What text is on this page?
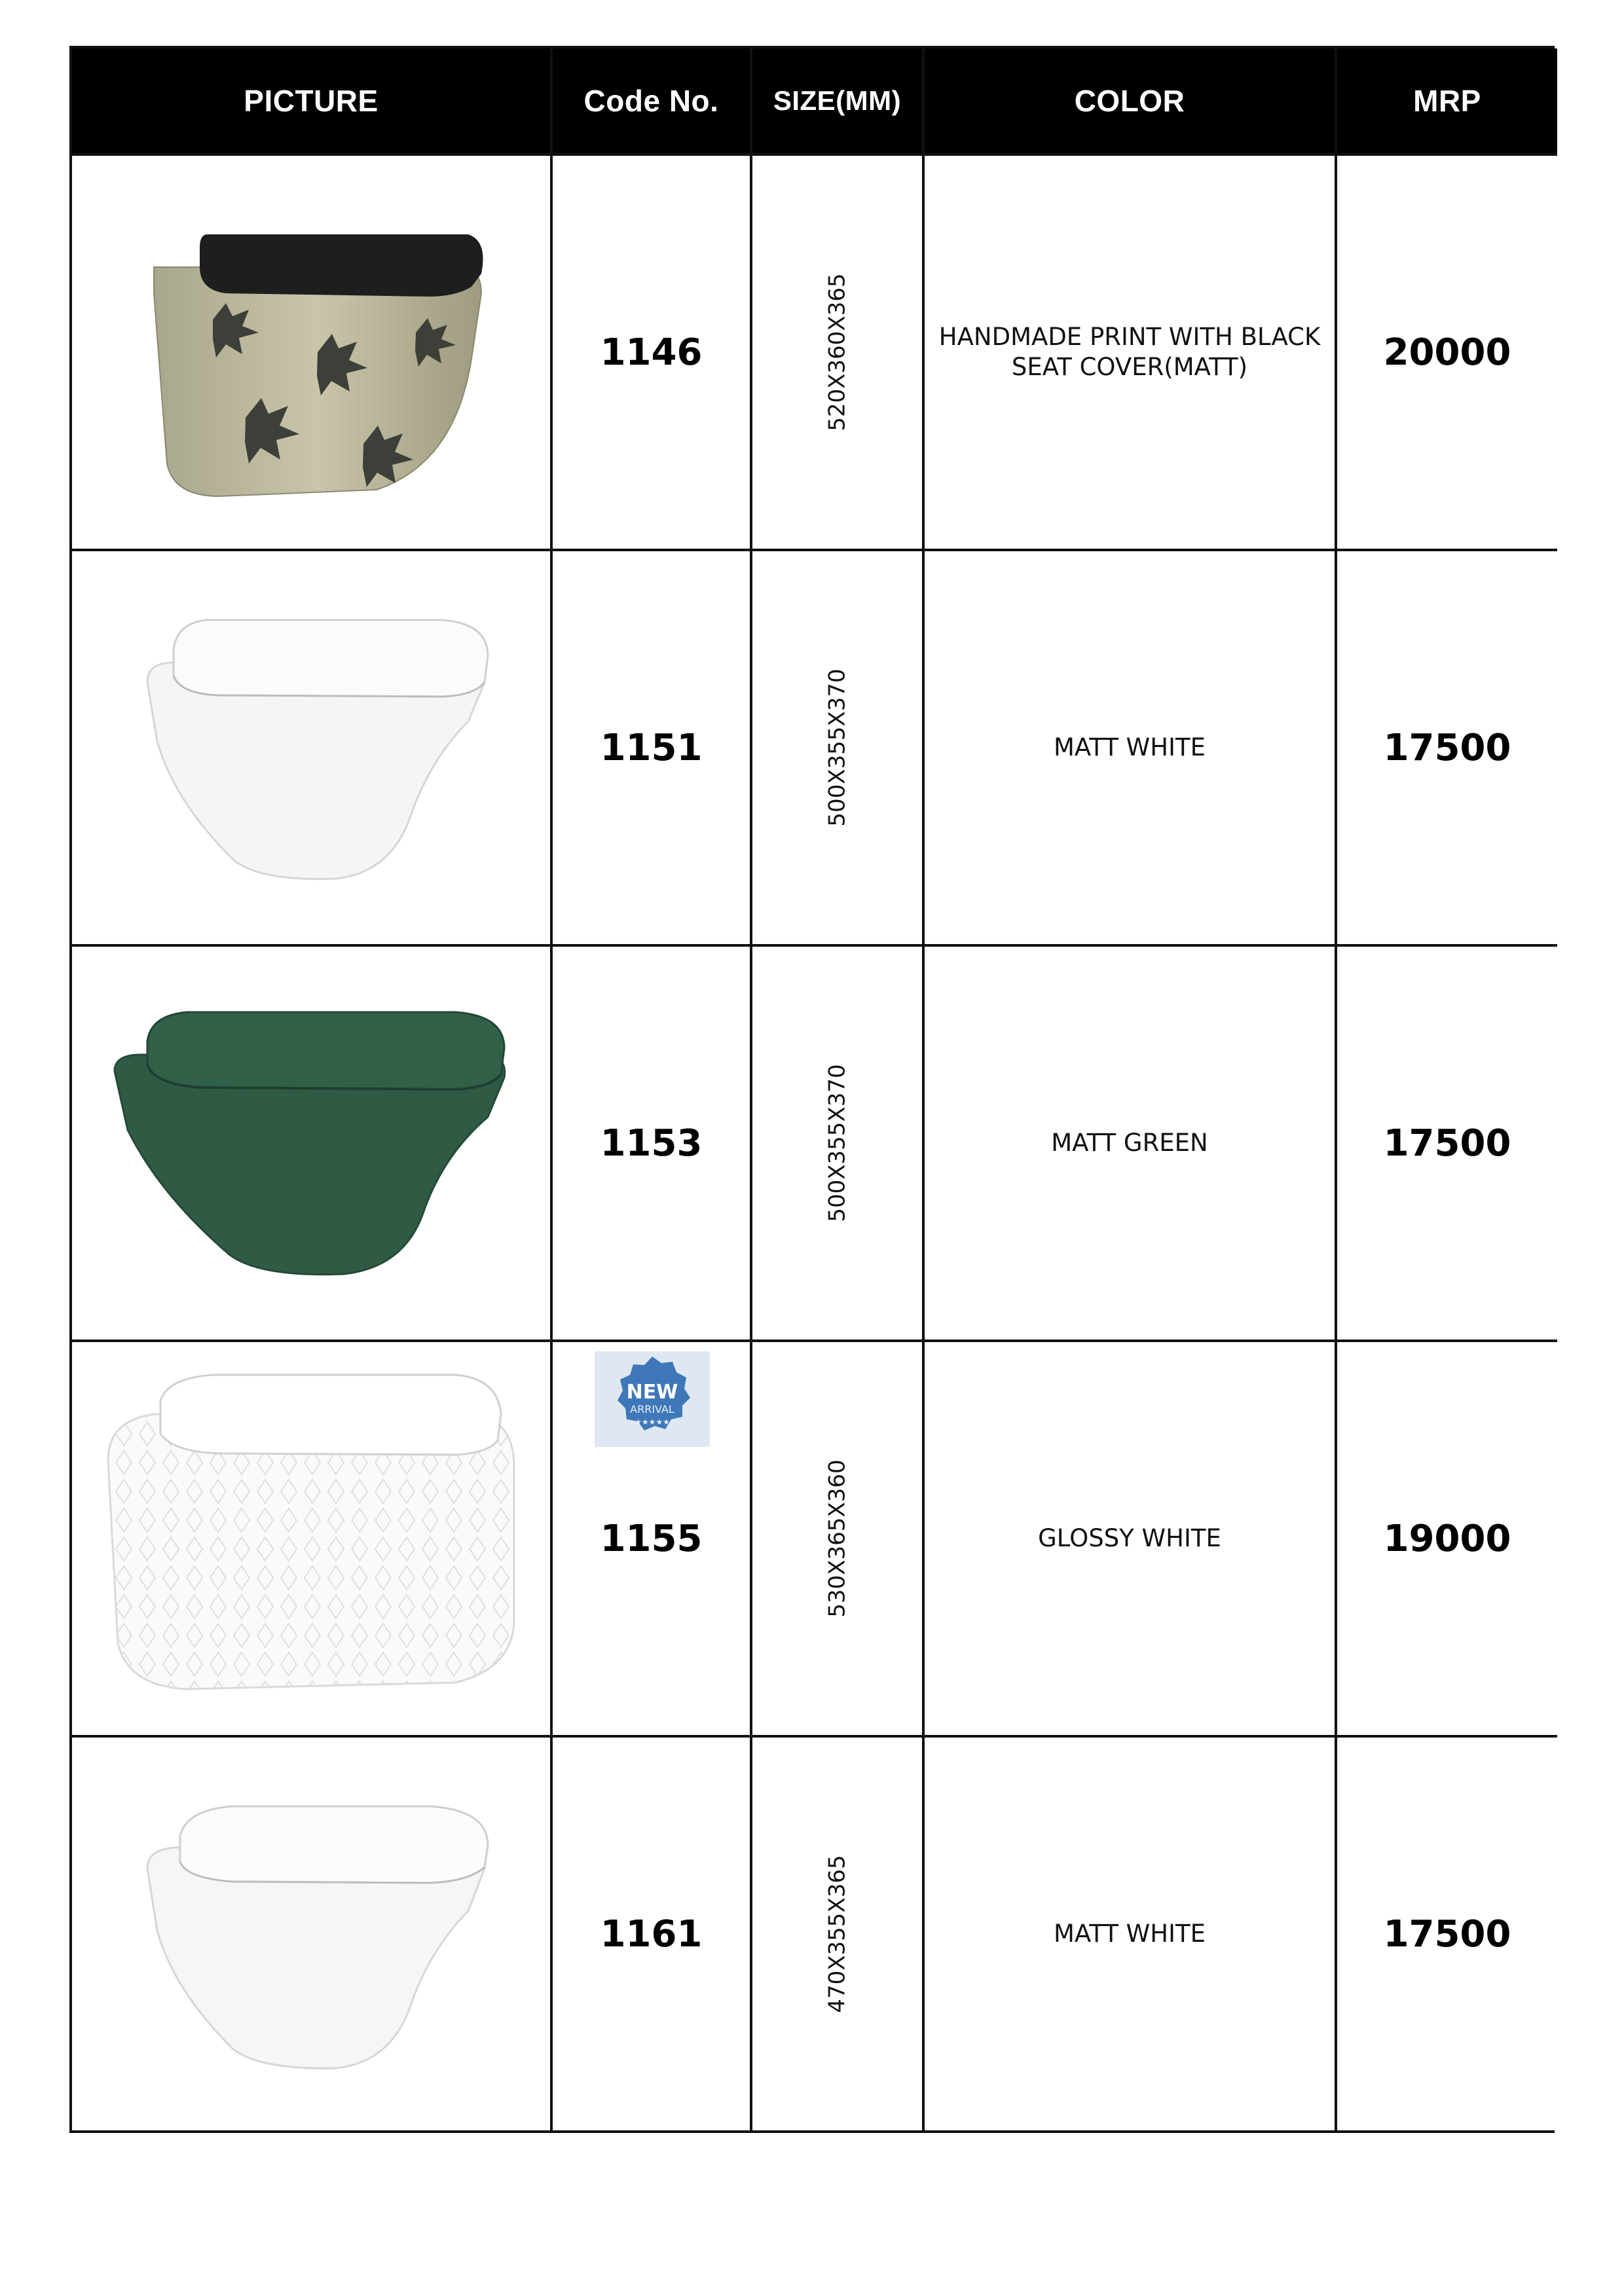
PICTURE	Code No.	SIZE(MM)	COLOR	MRP
1146	520X360X365	HANDMADE PRINT WITH BLACK SEAT COVER(MATT)	20000
1151	500X355X370	MATT WHITE	17500
1153	500X355X370	MATT GREEN	17500
NEW
ARRIVAL
★★★★★
1155	530X365X360	GLOSSY WHITE	19000
1161	470X355X365	MATT WHITE	17500
